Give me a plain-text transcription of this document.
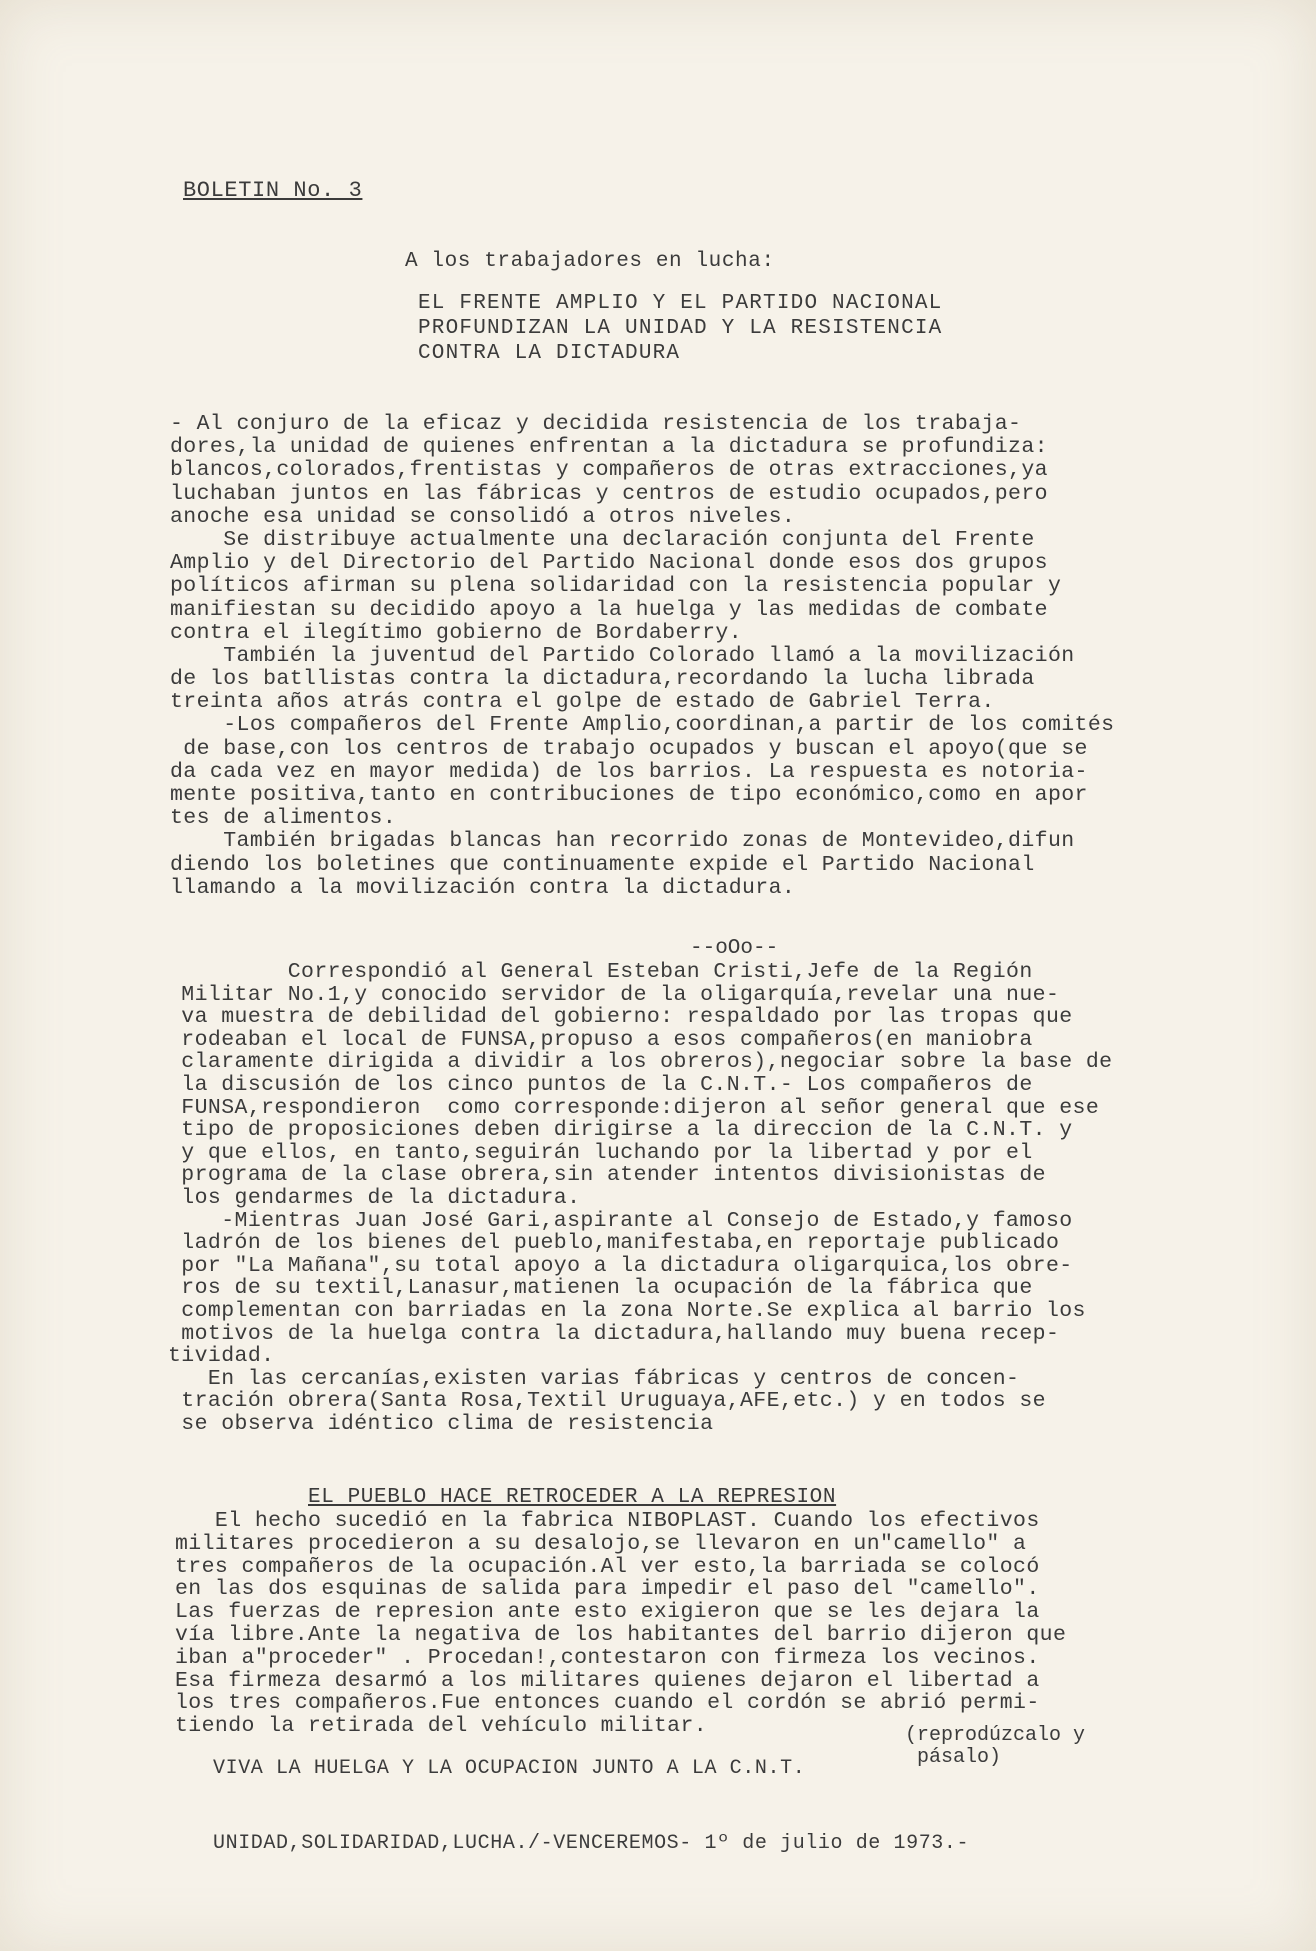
BOLETIN No. 3
A los trabajadores en lucha:
EL FRENTE AMPLIO Y EL PARTIDO NACIONAL
PROFUNDIZAN LA UNIDAD Y LA RESISTENCIA
CONTRA LA DICTADURA
- Al conjuro de la eficaz y decidida resistencia de los trabaja-
dores,la unidad de quienes enfrentan a la dictadura se profundiza:
blancos,colorados,frentistas y compañeros de otras extracciones,ya
luchaban juntos en las fábricas y centros de estudio ocupados,pero
anoche esa unidad se consolidó a otros niveles.
Se distribuye actualmente una declaración conjunta del Frente
Amplio y del Directorio del Partido Nacional donde esos dos grupos
políticos afirman su plena solidaridad con la resistencia popular y
manifiestan su decidido apoyo a la huelga y las medidas de combate
contra el ilegítimo gobierno de Bordaberry.
También la juventud del Partido Colorado llamó a la movilización
de los batllistas contra la dictadura,recordando la lucha librada
treinta años atrás contra el golpe de estado de Gabriel Terra.
-Los compañeros del Frente Amplio,coordinan,a partir de los comités
de base,con los centros de trabajo ocupados y buscan el apoyo(que se
da cada vez en mayor medida) de los barrios. La respuesta es notoria-
mente positiva,tanto en contribuciones de tipo económico,como en apor
tes de alimentos.
También brigadas blancas han recorrido zonas de Montevideo,difun
diendo los boletines que continuamente expide el Partido Nacional
llamando a la movilización contra la dictadura.
--oOo--
Correspondió al General Esteban Cristi,Jefe de la Región
Militar No.1,y conocido servidor de la oligarquía,revelar una nue-
va muestra de debilidad del gobierno: respaldado por las tropas que
rodeaban el local de FUNSA,propuso a esos compañeros(en maniobra
claramente dirigida a dividir a los obreros),negociar sobre la base de
la discusión de los cinco puntos de la C.N.T.- Los compañeros de
FUNSA,respondieron  como corresponde:dijeron al señor general que ese
tipo de proposiciones deben dirigirse a la direccion de la C.N.T. y
y que ellos, en tanto,seguirán luchando por la libertad y por el
programa de la clase obrera,sin atender intentos divisionistas de
los gendarmes de la dictadura.
-Mientras Juan José Gari,aspirante al Consejo de Estado,y famoso
ladrón de los bienes del pueblo,manifestaba,en reportaje publicado
por "La Mañana",su total apoyo a la dictadura oligarquica,los obre-
ros de su textil,Lanasur,matienen la ocupación de la fábrica que
complementan con barriadas en la zona Norte.Se explica al barrio los
motivos de la huelga contra la dictadura,hallando muy buena recep-
tividad.
En las cercanías,existen varias fábricas y centros de concen-
tración obrera(Santa Rosa,Textil Uruguaya,AFE,etc.) y en todos se
se observa idéntico clima de resistencia
EL PUEBLO HACE RETROCEDER A LA REPRESION
El hecho sucedió en la fabrica NIBOPLAST. Cuando los efectivos
militares procedieron a su desalojo,se llevaron en un"camello" a
tres compañeros de la ocupación.Al ver esto,la barriada se colocó
en las dos esquinas de salida para impedir el paso del "camello".
Las fuerzas de represion ante esto exigieron que se les dejara la
vía libre.Ante la negativa de los habitantes del barrio dijeron que
iban a"proceder" . Procedan!,contestaron con firmeza los vecinos.
Esa firmeza desarmó a los militares quienes dejaron el libertad a
los tres compañeros.Fue entonces cuando el cordón se abrió permi-
tiendo la retirada del vehículo militar.	(reprodúzcalo y
pásalo)
VIVA LA HUELGA Y LA OCUPACION JUNTO A LA C.N.T.
UNIDAD,SOLIDARIDAD,LUCHA./-VENCEREMOS- 1º de julio de 1973.-
